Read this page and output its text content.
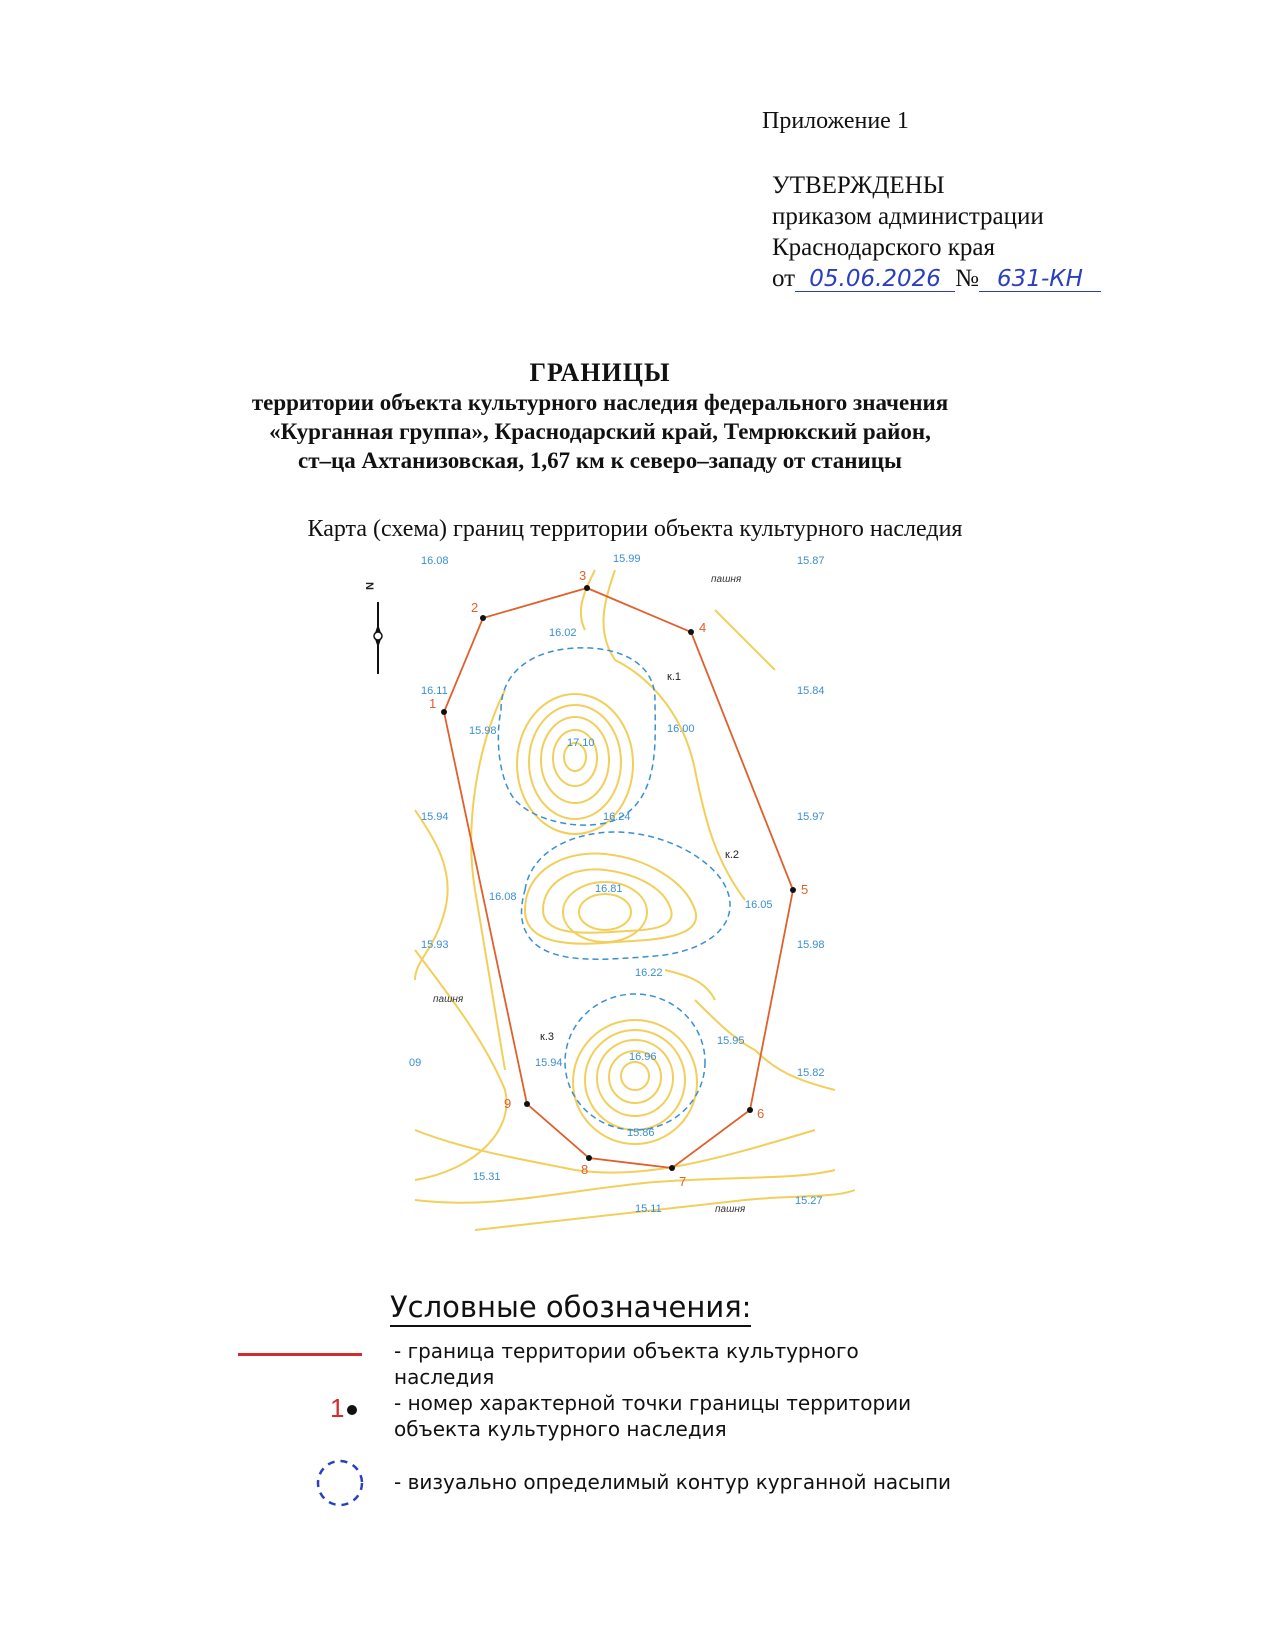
Приложение 1
УТВЕРЖДЕНЫ
приказом администрации
Краснодарского края
от 05.06.2026 № 631-КН
ГРАНИЦЫ
территории объекта культурного наследия федерального значения
«Курганная группа», Краснодарский край, Темрюкский район,
ст–ца Ахтанизовская, 1,67 км к северо–западу от станицы
Карта (схема) границ территории объекта культурного наследия
N
1
2
3
4
5
6
7
8
9
к.1
к.2
к.3
17.10
16.81
16.96
16.08	15.99	15.87
16.02
16.11	15.84
15.98	16.00
15.94	16.24	15.97
16.08
16.05
15.93	15.98
16.22
15.95
15.94
09
15.82
15.86
15.31
15.11
15.27
пашня
пашня
пашня
Условные обозначения:
- граница территории объекта культурного
наследия
1	- номер характерной точки границы территории
объекта культурного наследия
- визуально определимый контур курганной насыпи
